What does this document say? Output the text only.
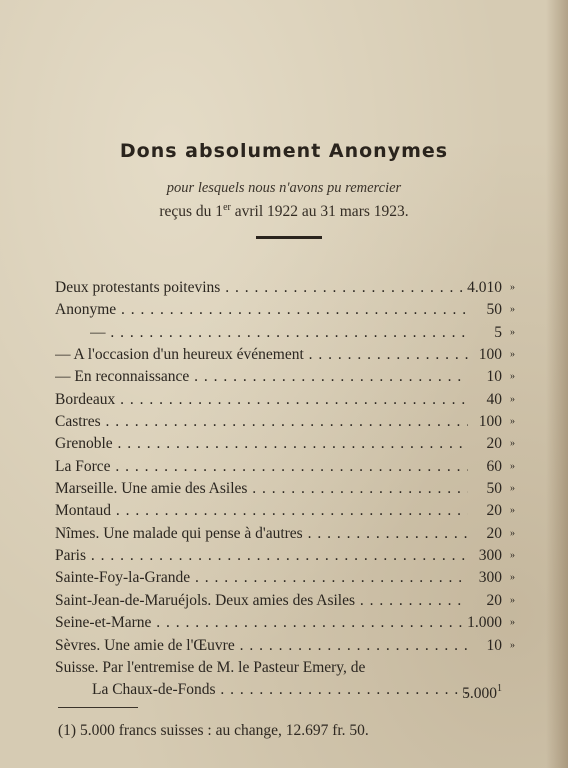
Dons absolument Anonymes
pour lesquels nous n'avons pu remercier
reçus du 1er avril 1922 au 31 mars 1923.
Deux protestants poitevins . . .	4.010 »
Anonyme . . .	50 »
— . . .	5 »
— A l'occasion d'un heureux événement . . .	100 »
— En reconnaissance . . .	10 »
Bordeaux . . .	40 »
Castres . . .	100 »
Grenoble . . .	20 »
La Force . . .	60 »
Marseille. Une amie des Asiles . . .	50 »
Montaud . . .	20 »
Nîmes. Une malade qui pense à d'autres . . .	20 »
Paris . . .	300 »
Sainte-Foy-la-Grande . . .	300 »
Saint-Jean-de-Maruéjols. Deux amies des Asiles . . .	20 »
Seine-et-Marne . . .	1.000 »
Sèvres. Une amie de l'Œuvre . . .	10 »
Suisse. Par l'entremise de M. le Pasteur Emery, de
La Chaux-de-Fonds . . .	5.000$^1$
(1) 5.000 francs suisses : au change, 12.697 fr. 50.
